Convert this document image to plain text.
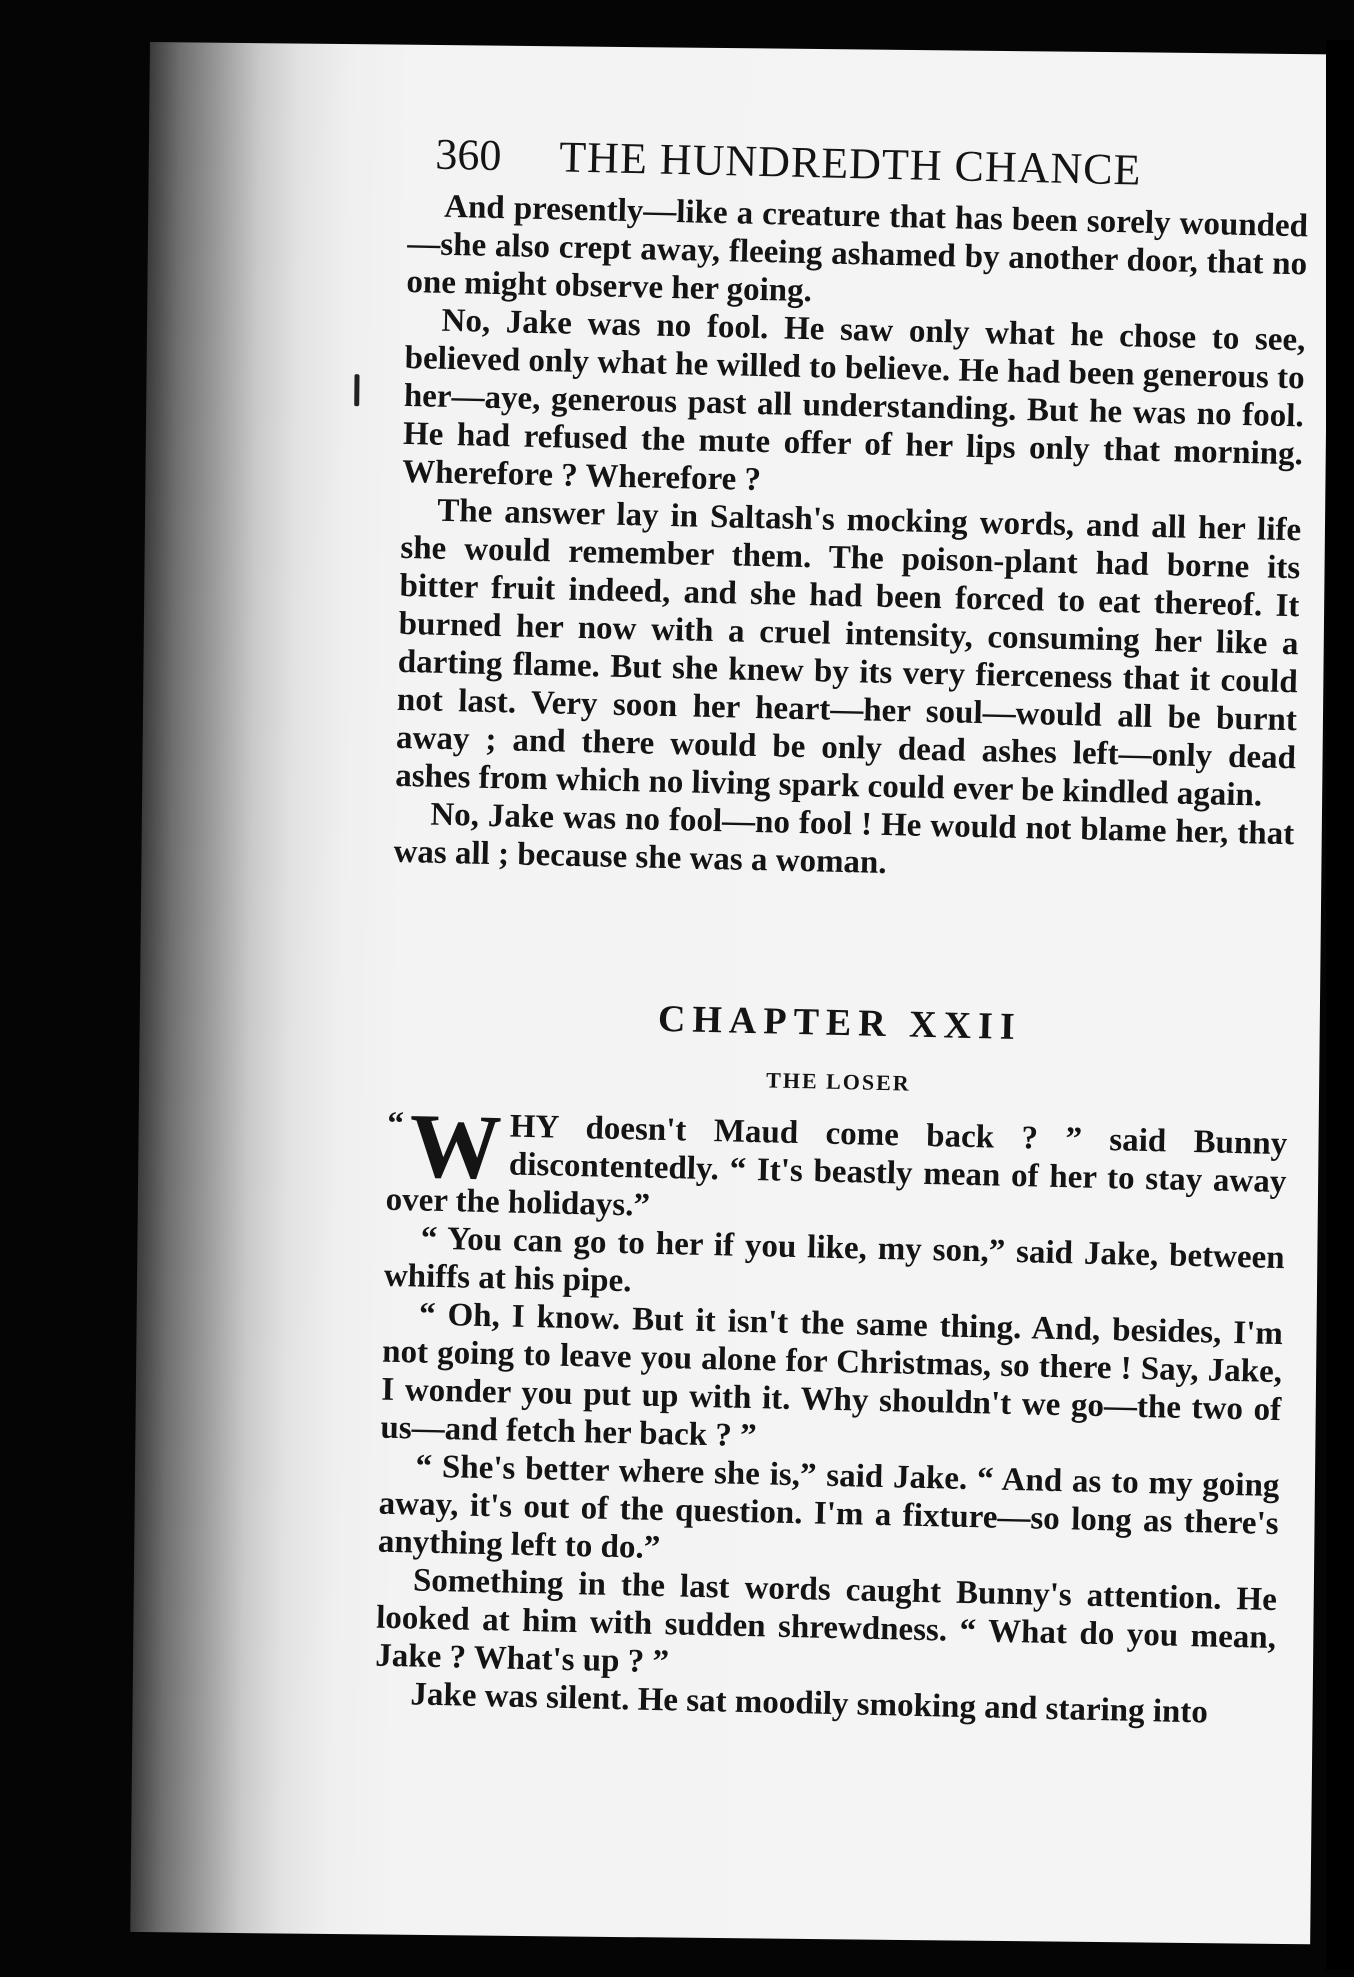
360 THE HUNDREDTH CHANCE

And presently—like a creature that has been sorely wounded—she also crept away, fleeing ashamed by another door, that no one might observe her going.

No, Jake was no fool. He saw only what he chose to see, believed only what he willed to believe. He had been generous to her—aye, generous past all understanding. But he was no fool. He had refused the mute offer of her lips only that morning. Wherefore ? Wherefore ?

The answer lay in Saltash's mocking words, and all her life she would remember them. The poison-plant had borne its bitter fruit indeed, and she had been forced to eat thereof. It burned her now with a cruel intensity, consuming her like a darting flame. But she knew by its very fierceness that it could not last. Very soon her heart—her soul—would all be burnt away ; and there would be only dead ashes left—only dead ashes from which no living spark could ever be kindled again.

No, Jake was no fool—no fool ! He would not blame her, that was all ; because she was a woman.

CHAPTER XXII
THE LOSER

“ W HY doesn't Maud come back ? ” said Bunny discontentedly. “ It's beastly mean of her to stay away over the holidays.”

“ You can go to her if you like, my son,” said Jake, between whiffs at his pipe.

“ Oh, I know. But it isn't the same thing. And, besides, I'm not going to leave you alone for Christmas, so there ! Say, Jake, I wonder you put up with it. Why shouldn't we go—the two of us—and fetch her back ? ”

“ She's better where she is,” said Jake. “ And as to my going away, it's out of the question. I'm a fixture—so long as there's anything left to do.”

Something in the last words caught Bunny's attention. He looked at him with sudden shrewdness. “ What do you mean, Jake ? What's up ? ”

Jake was silent. He sat moodily smoking and staring into
